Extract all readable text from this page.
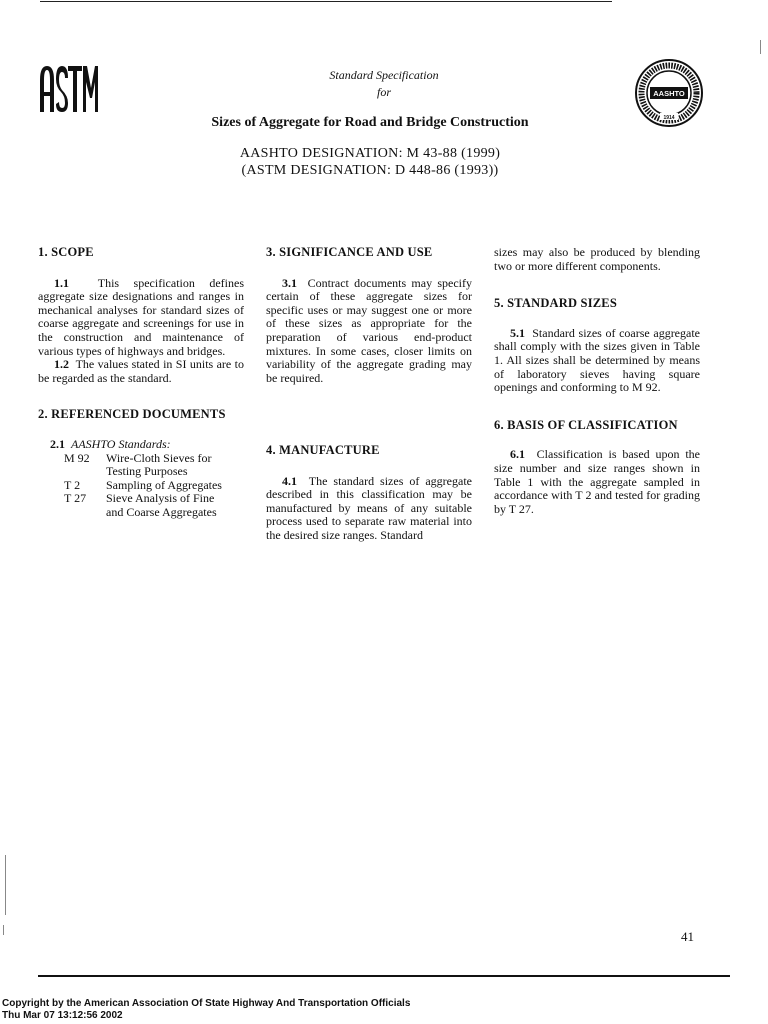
AASHTO
1914
Standard Specification
for
Sizes of Aggregate for Road and Bridge Construction
AASHTO DESIGNATION: M 43-88 (1999)
(ASTM DESIGNATION: D 448-86 (1993))
1. SCOPE

1.1 This specification defines aggregate size designations and ranges in mechanical analyses for standard sizes of coarse aggregate and screenings for use in the construction and maintenance of various types of highways and bridges.

1.2 The values stated in SI units are to be regarded as the standard.

2. REFERENCED DOCUMENTS
2.1 AASHTO Standards:
M 92	Wire-Cloth Sieves for Testing Purposes
T 2	Sampling of Aggregates
T 27	Sieve Analysis of Fine and Coarse Aggregates
3. SIGNIFICANCE AND USE

3.1 Contract documents may specify certain of these aggregate sizes for specific uses or may suggest one or more of these sizes as appropriate for the preparation of various end-product mixtures. In some cases, closer limits on variability of the aggregate grading may be required.

4. MANUFACTURE

4.1 The standard sizes of aggregate described in this classification may be manufactured by means of any suitable process used to separate raw material into the desired size ranges. Standard

sizes may also be produced by blending two or more different components.

5. STANDARD SIZES

5.1 Standard sizes of coarse aggregate shall comply with the sizes given in Table 1. All sizes shall be determined by means of laboratory sieves having square openings and conforming to M 92.

6. BASIS OF CLASSIFICATION

6.1 Classification is based upon the size number and size ranges shown in Table 1 with the aggregate sampled in accordance with T 2 and tested for grading by T 27.

41
Copyright by the American Association Of State Highway And Transportation Officials
Thu Mar 07 13:12:56 2002
